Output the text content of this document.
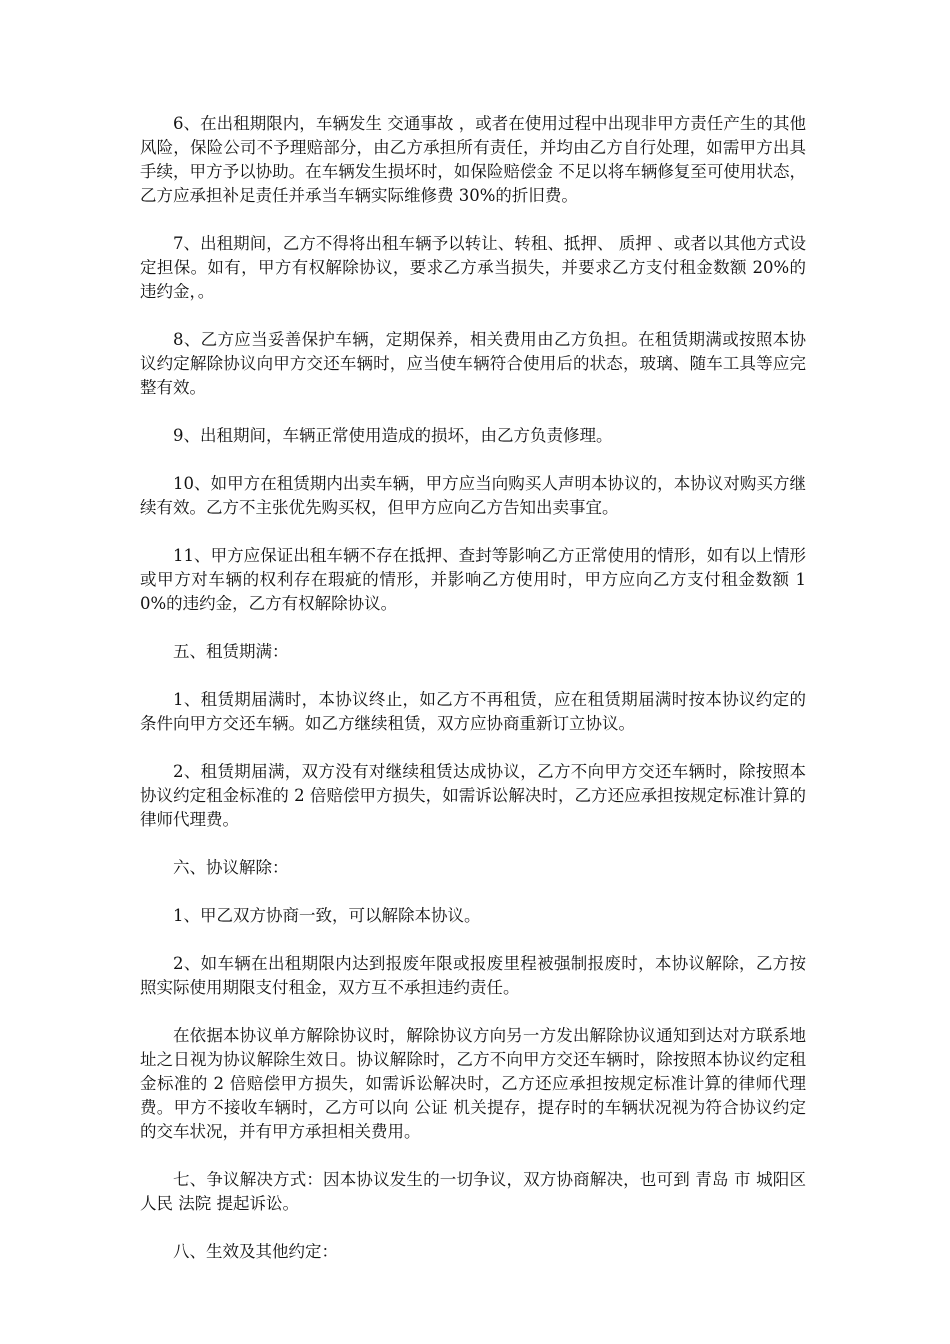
6、在出租期限内，车辆发生 交通事故 ，或者在使用过程中出现非甲方责任产生的其他风险，保险公司不予理赔部分，由乙方承担所有责任，并均由乙方自行处理，如需甲方出具手续，甲方予以协助。在车辆发生损坏时，如保险赔偿金 不足以将车辆修复至可使用状态，乙方应承担补足责任并承当车辆实际维修费 30%的折旧费。

7、出租期间，乙方不得将出租车辆予以转让、转租、抵押、 质押 、或者以其他方式设定担保。如有，甲方有权解除协议，要求乙方承当损失，并要求乙方支付租金数额 20%的违约金，。

8、乙方应当妥善保护车辆，定期保养，相关费用由乙方负担。在租赁期满或按照本协议约定解除协议向甲方交还车辆时，应当使车辆符合使用后的状态，玻璃、随车工具等应完整有效。

9、出租期间，车辆正常使用造成的损坏，由乙方负责修理。

10、如甲方在租赁期内出卖车辆，甲方应当向购买人声明本协议的，本协议对购买方继续有效。乙方不主张优先购买权，但甲方应向乙方告知出卖事宜。

11、甲方应保证出租车辆不存在抵押、查封等影响乙方正常使用的情形，如有以上情形或甲方对车辆的权利存在瑕疵的情形，并影响乙方使用时，甲方应向乙方支付租金数额 10%的违约金，乙方有权解除协议。

五、租赁期满：

1、租赁期届满时，本协议终止，如乙方不再租赁，应在租赁期届满时按本协议约定的条件向甲方交还车辆。如乙方继续租赁，双方应协商重新订立协议。

2、租赁期届满，双方没有对继续租赁达成协议，乙方不向甲方交还车辆时，除按照本协议约定租金标准的 2 倍赔偿甲方损失，如需诉讼解决时，乙方还应承担按规定标准计算的律师代理费。

六、协议解除：

1、甲乙双方协商一致，可以解除本协议。

2、如车辆在出租期限内达到报废年限或报废里程被强制报废时，本协议解除，乙方按照实际使用期限支付租金，双方互不承担违约责任。

在依据本协议单方解除协议时，解除协议方向另一方发出解除协议通知到达对方联系地址之日视为协议解除生效日。协议解除时，乙方不向甲方交还车辆时，除按照本协议约定租金标准的 2 倍赔偿甲方损失，如需诉讼解决时，乙方还应承担按规定标准计算的律师代理费。甲方不接收车辆时，乙方可以向 公证 机关提存，提存时的车辆状况视为符合协议约定的交车状况，并有甲方承担相关费用。

七、争议解决方式：因本协议发生的一切争议，双方协商解决，也可到 青岛 市 城阳区 人民 法院 提起诉讼。

八、生效及其他约定：
